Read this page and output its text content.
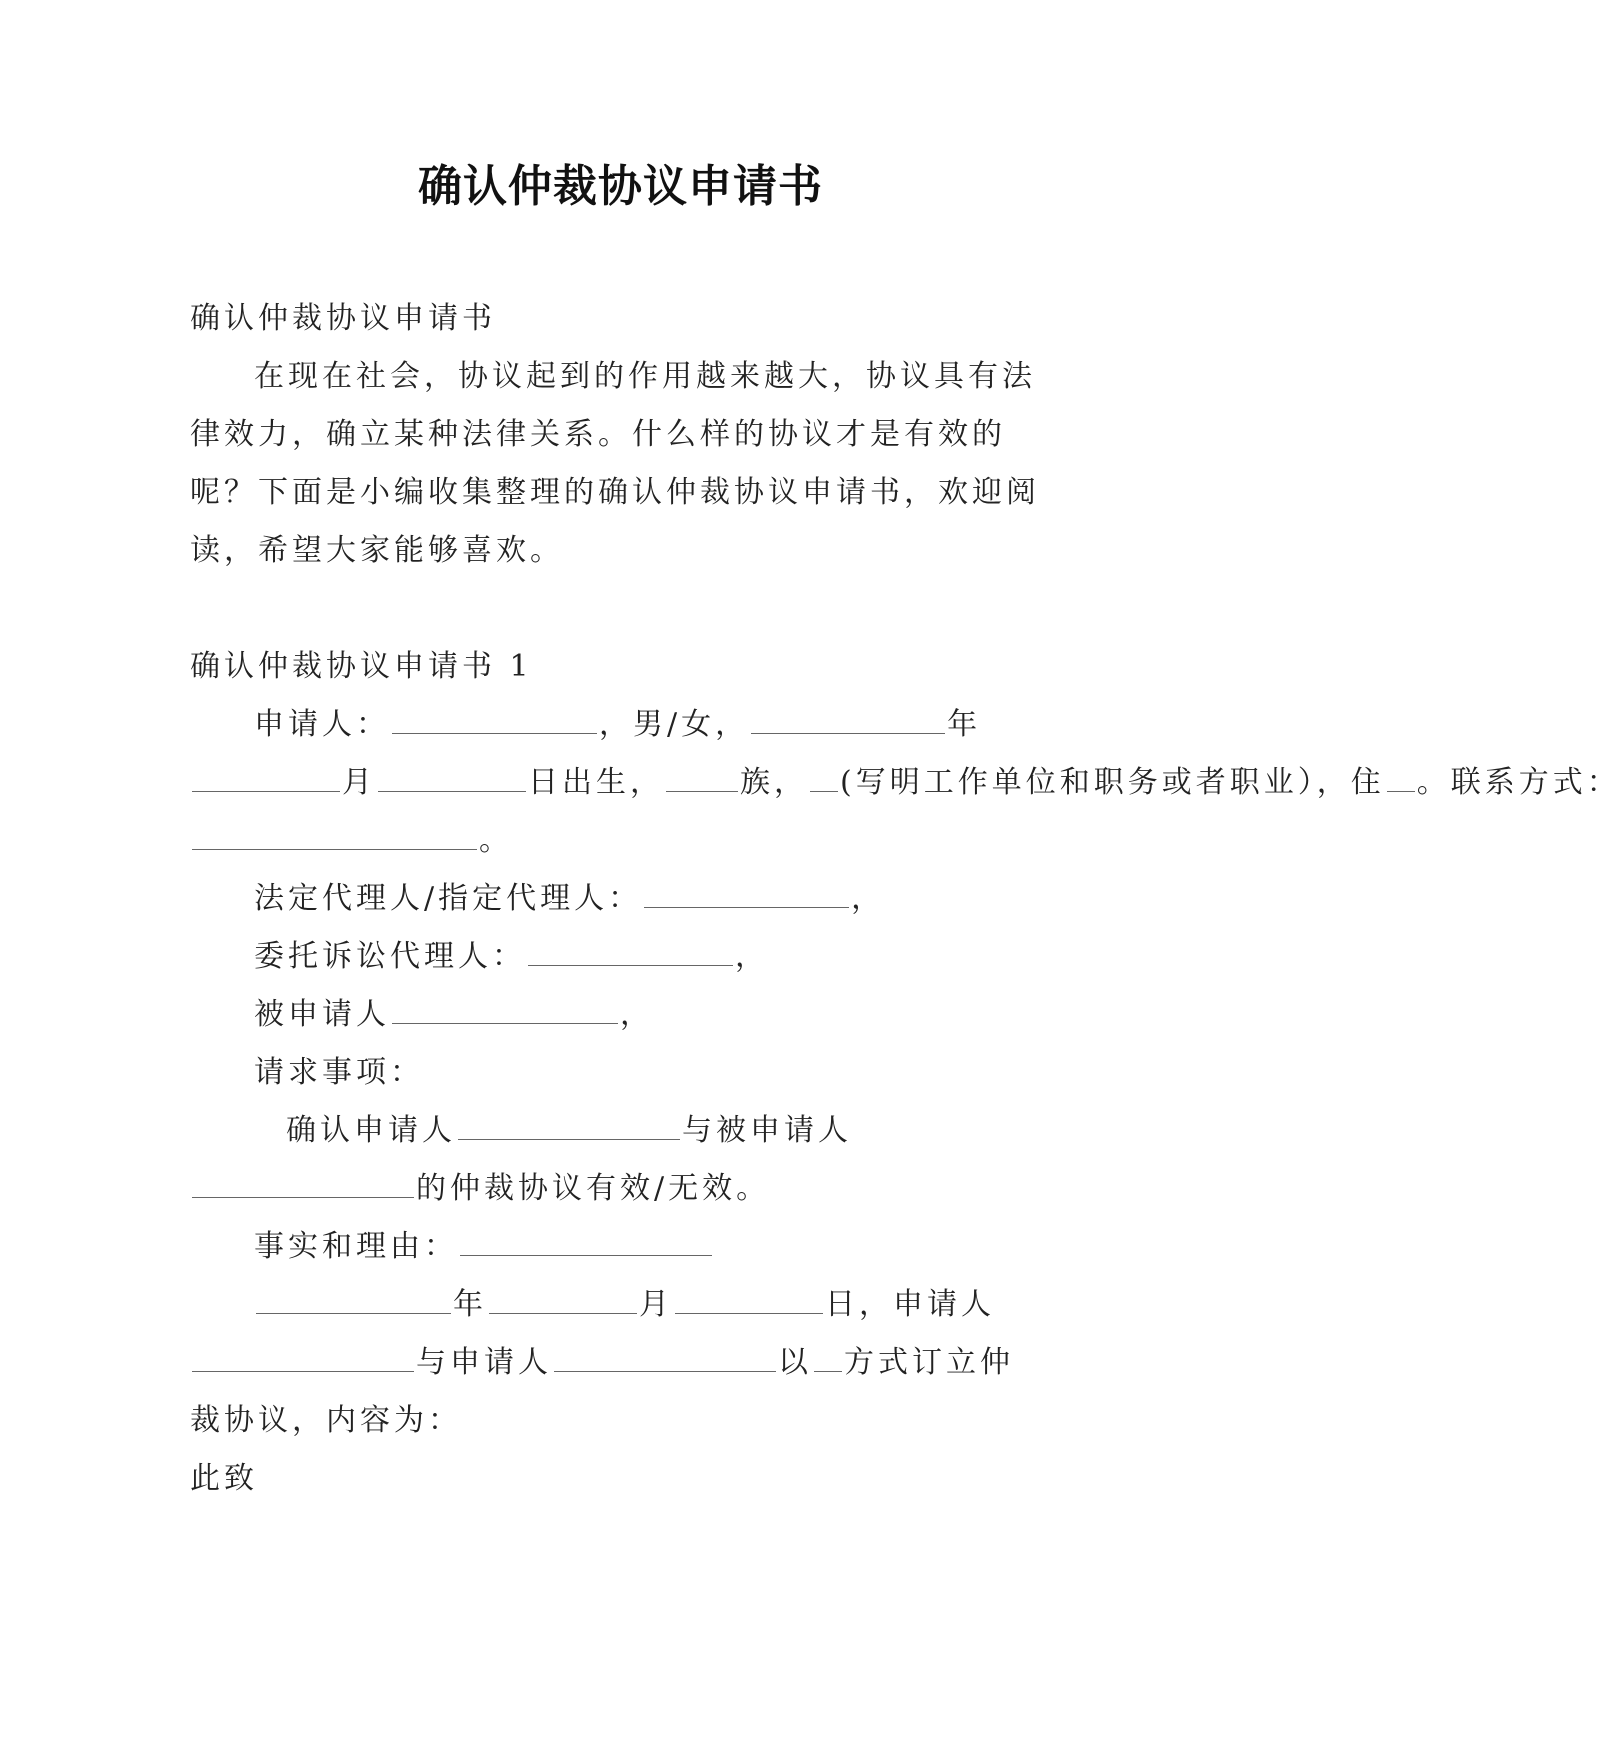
确认仲裁协议申请书

确认仲裁协议申请书

在现在社会，协议起到的作用越来越大，协议具有法律效力，确立某种法律关系。什么样的协议才是有效的呢？下面是小编收集整理的确认仲裁协议申请书，欢迎阅读，希望大家能够喜欢。

确认仲裁协议申请书 1

申请人：	，男/女，	年

月	日出生，	族， (写明工作单位和职务或者职业），住 。联系方式：

。

法定代理人/指定代理人：	，

委托诉讼代理人：	，

被申请人	，

请求事项：

确认申请人	与被申请人

的仲裁协议有效/无效。

事实和理由：

年	月	日，申请人

与申请人	以 方式订立仲

裁协议，内容为：

此致
